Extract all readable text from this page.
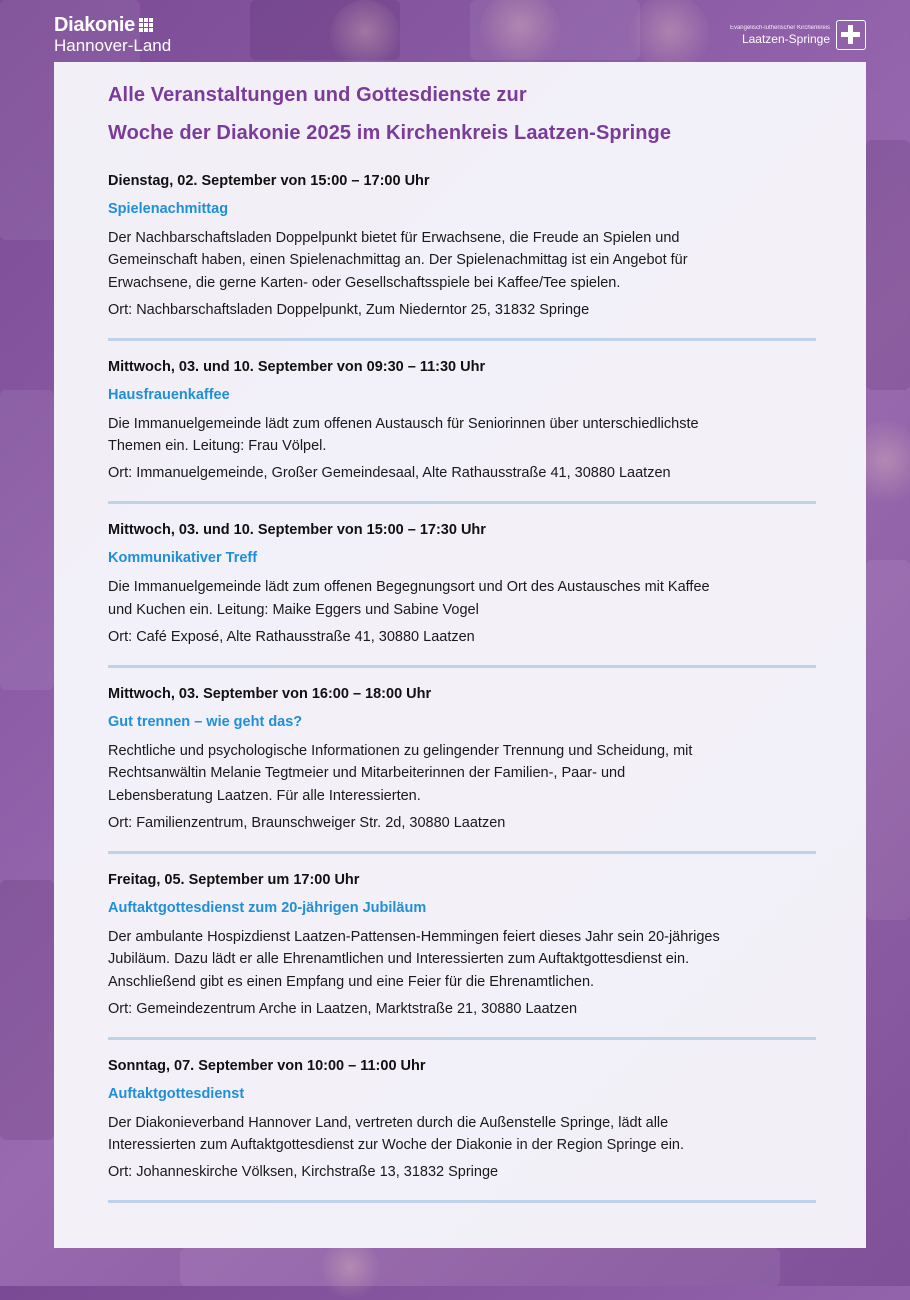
Diakonie
Hannover-Land
Evangelisch-lutherischer Kirchenkreis
Laatzen-Springe

Alle Veranstaltungen und Gottesdienste zur

Woche der Diakonie 2025 im Kirchenkreis Laatzen-Springe

Dienstag, 02. September von 15:00 – 17:00 Uhr
Spielenachmittag
Der Nachbarschaftsladen Doppelpunkt bietet für Erwachsene, die Freude an Spielen und
Gemeinschaft haben, einen Spielenachmittag an. Der Spielenachmittag ist ein Angebot für
Erwachsene, die gerne Karten- oder Gesellschaftsspiele bei Kaffee/Tee spielen.
Ort: Nachbarschaftsladen Doppelpunkt, Zum Niederntor 25, 31832 Springe
Mittwoch, 03. und 10. September von 09:30 – 11:30 Uhr
Hausfrauenkaffee
Die Immanuelgemeinde lädt zum offenen Austausch für Seniorinnen über unterschiedlichste
Themen ein. Leitung: Frau Völpel.
Ort: Immanuelgemeinde, Großer Gemeindesaal, Alte Rathausstraße 41, 30880 Laatzen
Mittwoch, 03. und 10. September von 15:00 – 17:30 Uhr
Kommunikativer Treff
Die Immanuelgemeinde lädt zum offenen Begegnungsort und Ort des Austausches mit Kaffee
und Kuchen ein. Leitung: Maike Eggers und Sabine Vogel
Ort: Café Exposé, Alte Rathausstraße 41, 30880 Laatzen
Mittwoch, 03. September von 16:00 – 18:00 Uhr
Gut trennen – wie geht das?
Rechtliche und psychologische Informationen zu gelingender Trennung und Scheidung, mit
Rechtsanwältin Melanie Tegtmeier und Mitarbeiterinnen der Familien-, Paar- und
Lebensberatung Laatzen. Für alle Interessierten.
Ort: Familienzentrum, Braunschweiger Str. 2d, 30880 Laatzen
Freitag, 05. September um 17:00 Uhr
Auftaktgottesdienst zum 20-jährigen Jubiläum
Der ambulante Hospizdienst Laatzen-Pattensen-Hemmingen feiert dieses Jahr sein 20-jähriges
Jubiläum. Dazu lädt er alle Ehrenamtlichen und Interessierten zum Auftaktgottesdienst ein.
Anschließend gibt es einen Empfang und eine Feier für die Ehrenamtlichen.
Ort: Gemeindezentrum Arche in Laatzen, Marktstraße 21, 30880 Laatzen
Sonntag, 07. September von 10:00 – 11:00 Uhr
Auftaktgottesdienst
Der Diakonieverband Hannover Land, vertreten durch die Außenstelle Springe, lädt alle
Interessierten zum Auftaktgottesdienst zur Woche der Diakonie in der Region Springe ein.
Ort: Johanneskirche Völksen, Kirchstraße 13, 31832 Springe
